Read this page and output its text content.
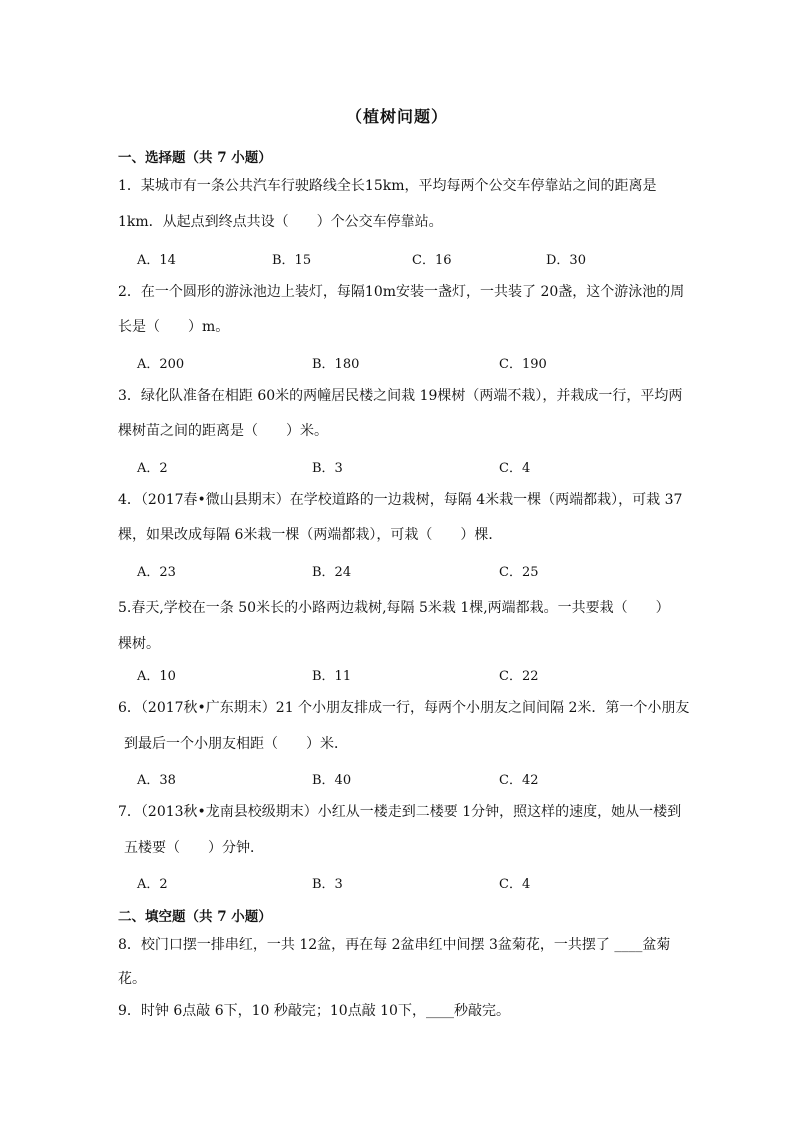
（植树问题）
一、选择题（共 7 小题）
1．某城市有一条公共汽车行驶路线全长15km，平均每两个公交车停靠站之间的距离是
1km．从起点到终点共设（　　）个公交车停靠站。
A．14	B．15	C．16	D．30
2．在一个圆形的游泳池边上装灯，每隔10m安装一盏灯，一共装了 20盏，这个游泳池的周
长是（　　）m。
A．200	B．180	C．190
3．绿化队准备在相距 60米的两幢居民楼之间栽 19棵树（两端不栽），并栽成一行，平均两
棵树苗之间的距离是（　　）米。
A．2	B．3	C．4
4．（2017春•微山县期末）在学校道路的一边栽树，每隔 4米栽一棵（两端都栽），可栽 37
棵，如果改成每隔 6米栽一棵（两端都栽），可栽（　　）棵．
A．23	B．24	C．25
5.春天,学校在一条 50米长的小路两边栽树,每隔 5米栽 1棵,两端都栽。一共要栽（　　）
棵树。
A．10	B．11	C．22
6．（2017秋•广东期末）21 个小朋友排成一行，每两个小朋友之间间隔 2米．第一个小朋友
到最后一个小朋友相距（　　）米．
A．38	B．40	C．42
7．（2013秋•龙南县校级期末）小红从一楼走到二楼要 1分钟，照这样的速度，她从一楼到
五楼要（　　）分钟．
A．2	B．3	C．4
二、填空题（共 7 小题）
8．校门口摆一排串红，一共 12盆，再在每 2盆串红中间摆 3盆菊花，一共摆了 ____盆菊
花。
9．时钟 6点敲 6下，10 秒敲完；10点敲 10下，____秒敲完。
